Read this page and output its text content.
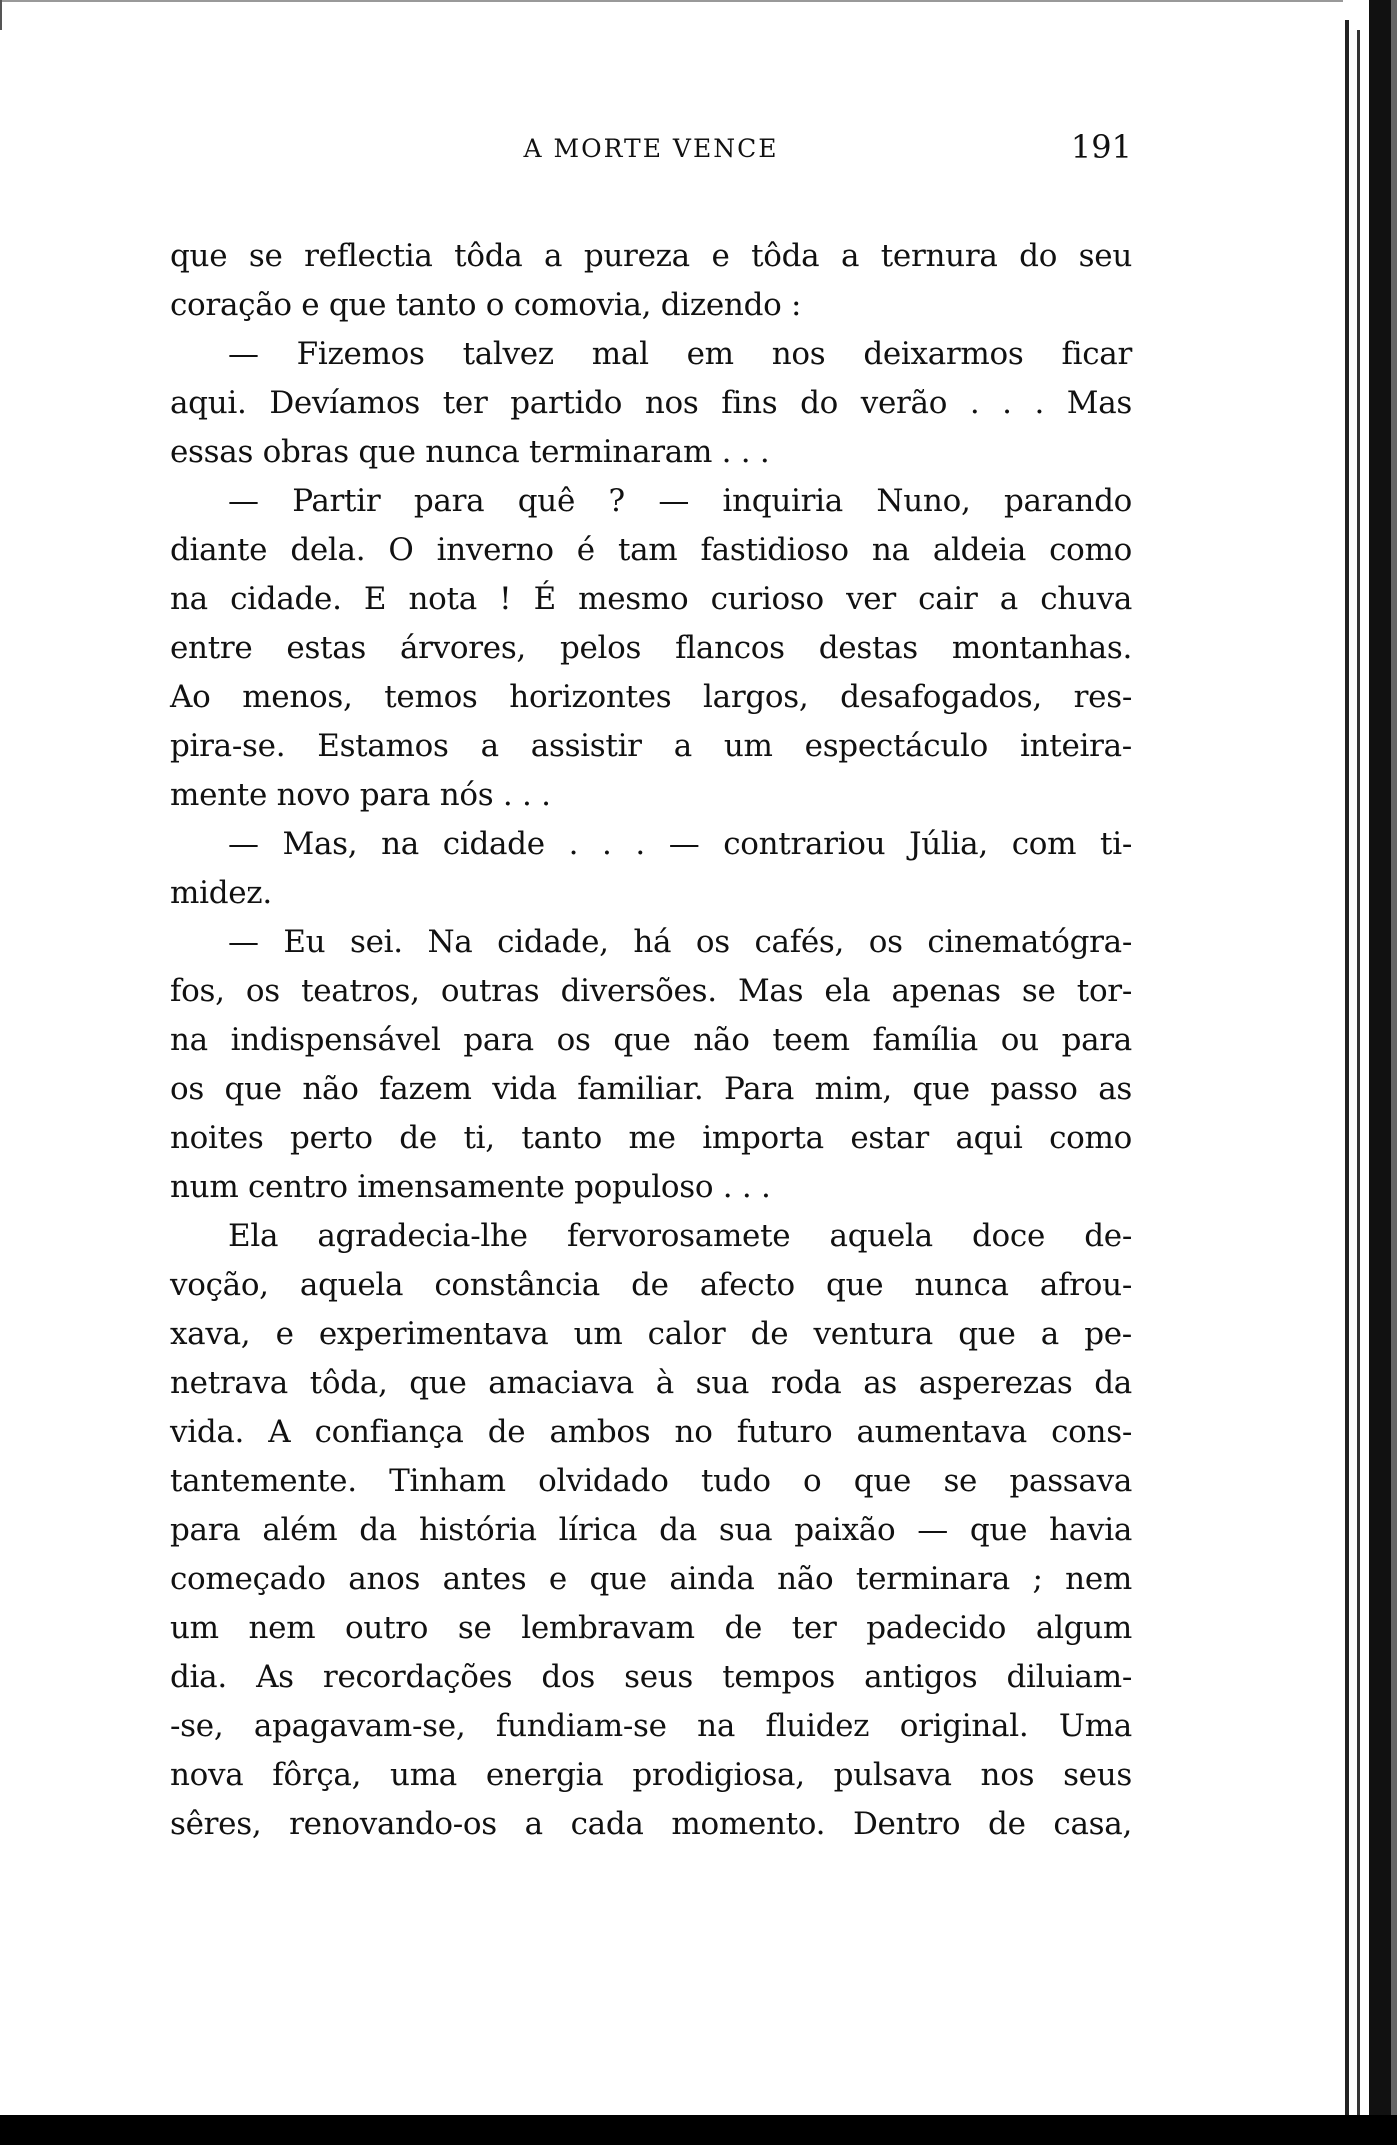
A MORTE VENCE	191
que se reflectia tôda a pureza e tôda a ternura do seu
coração e que tanto o comovia, dizendo :
— Fizemos talvez mal em nos deixarmos ficar
aqui. Devíamos ter partido nos fins do verão . . . Mas
essas obras que nunca terminaram . . .
— Partir para quê ? — inquiria Nuno, parando
diante dela. O inverno é tam fastidioso na aldeia como
na cidade. E nota ! É mesmo curioso ver cair a chuva
entre estas árvores, pelos flancos destas montanhas.
Ao menos, temos horizontes largos, desafogados, res-
pira-se. Estamos a assistir a um espectáculo inteira-
mente novo para nós . . .
— Mas, na cidade . . . — contrariou Júlia, com ti-
midez.
— Eu sei. Na cidade, há os cafés, os cinematógra-
fos, os teatros, outras diversões. Mas ela apenas se tor-
na indispensável para os que não teem família ou para
os que não fazem vida familiar. Para mim, que passo as
noites perto de ti, tanto me importa estar aqui como
num centro imensamente populoso . . .
Ela agradecia-lhe fervorosamete aquela doce de-
voção, aquela constância de afecto que nunca afrou-
xava, e experimentava um calor de ventura que a pe-
netrava tôda, que amaciava à sua roda as asperezas da
vida. A confiança de ambos no futuro aumentava cons-
tantemente. Tinham olvidado tudo o que se passava
para além da história lírica da sua paixão — que havia
começado anos antes e que ainda não terminara ; nem
um nem outro se lembravam de ter padecido algum
dia. As recordações dos seus tempos antigos diluiam-
-se, apagavam-se, fundiam-se na fluidez original. Uma
nova fôrça, uma energia prodigiosa, pulsava nos seus
sêres, renovando-os a cada momento. Dentro de casa,
